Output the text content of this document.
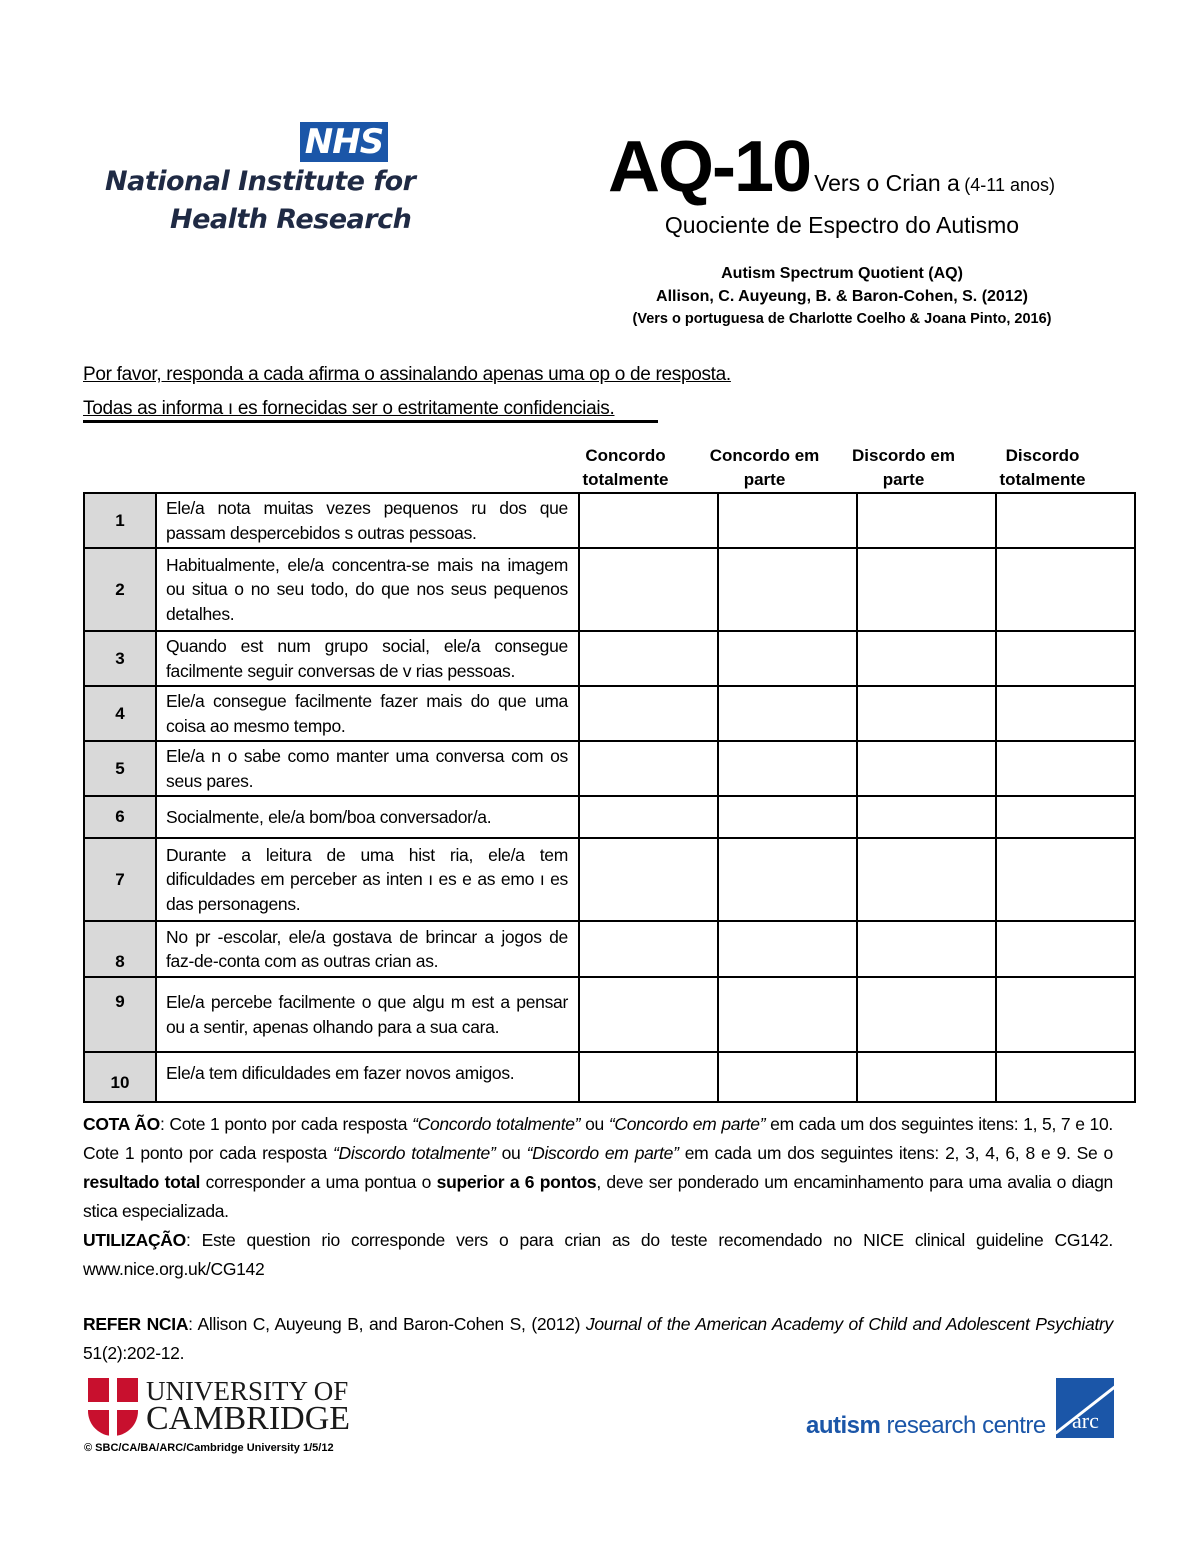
NHS
National Institute for
Health Research
AQ-10 Vers o Crian a (4-11 anos)
Quociente de Espectro do Autismo
Autism Spectrum Quotient (AQ)
Allison, C. Auyeung, B. & Baron-Cohen, S. (2012)
(Vers o portuguesa de Charlotte Coelho & Joana Pinto, 2016)
Por favor, responda a cada afirma o assinalando apenas uma op o de resposta.
Todas as informa ı es fornecidas ser o estritamente confidenciais.
Concordo
totalmente
Concordo em
parte
Discordo em
parte
Discordo
totalmente
1	Ele/a nota muitas vezes pequenos ru dos que passam despercebidos s outras pessoas.				
2	Habitualmente, ele/a concentra-se mais na imagem ou situa o no seu todo, do que nos seus pequenos detalhes.				
3	Quando est num grupo social, ele/a consegue facilmente seguir conversas de v rias pessoas.				
4	Ele/a consegue facilmente fazer mais do que uma coisa ao mesmo tempo.				
5	Ele/a n o sabe como manter uma conversa com os seus pares.				
6	Socialmente, ele/a bom/boa conversador/a.				
7	Durante a leitura de uma hist ria, ele/a tem dificuldades em perceber as inten ı es e as emo ı es das personagens.				
8	No pr -escolar, ele/a gostava de brincar a jogos de faz-de-conta com as outras crian as.				
9	Ele/a percebe facilmente o que algu m est a pensar ou a sentir, apenas olhando para a sua cara.				
10	Ele/a tem dificuldades em fazer novos amigos.				

COTA ÃO: Cote 1 ponto por cada resposta “Concordo totalmente” ou “Concordo em parte” em cada um dos seguintes itens: 1, 5, 7 e 10. Cote 1 ponto por cada resposta “Discordo totalmente” ou “Discordo em parte” em cada um dos seguintes itens: 2, 3, 4, 6, 8 e 9. Se o resultado total corresponder a uma pontua o superior a 6 pontos, deve ser ponderado um encaminhamento para uma avalia o diagn stica especializada.

UTILIZAÇÃO: Este question rio corresponde vers o para crian as do teste recomendado no NICE clinical guideline CG142. www.nice.org.uk/CG142

REFER NCIA: Allison C, Auyeung B, and Baron-Cohen S, (2012) Journal of the American Academy of Child and Adolescent Psychiatry 51(2):202-12.

UNIVERSITY OF
CAMBRIDGE
© SBC/CA/BA/ARC/Cambridge University 1/5/12
autism research centre arc
